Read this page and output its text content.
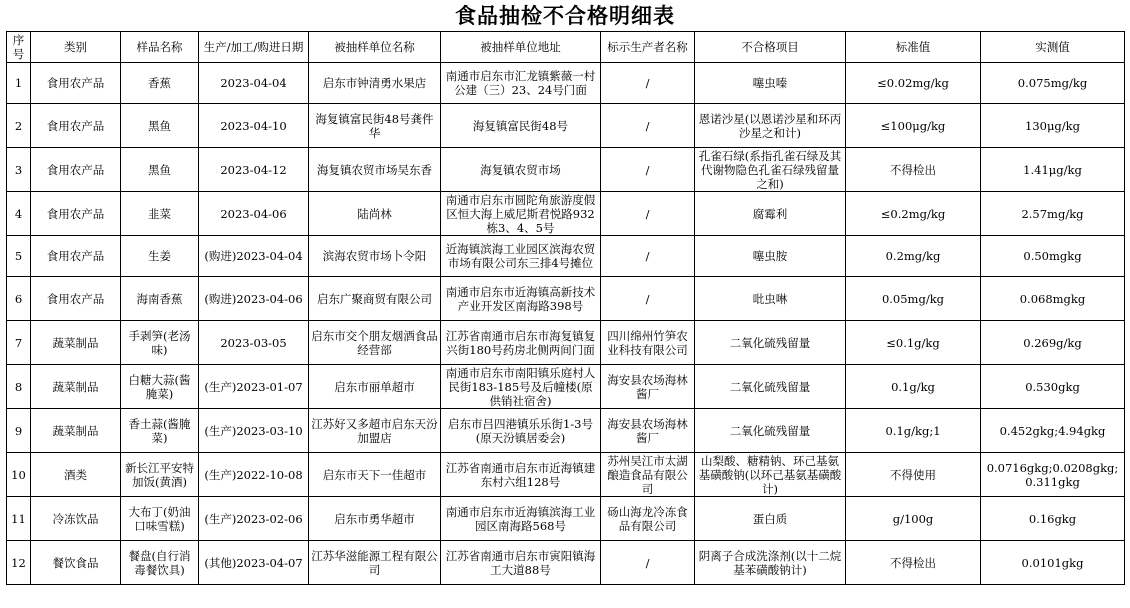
食品抽检不合格明细表
序号	类别	样品名称	生产/加工/购进日期	被抽样单位名称	被抽样单位地址	标示生产者名称	不合格项目	标准值	实测值
1	食用农产品	香蕉	2023-04-04	启东市钟清勇水果店	南通市启东市汇龙镇紫薇一村公建（三）23、24号门面	/	噻虫嗪	≤0.02mg/kg	0.075mg/kg
2	食用农产品	黑鱼	2023-04-10	海复镇富民街48号龚件华	海复镇富民街48号	/	恩诺沙星(以恩诺沙星和环丙沙星之和计)	≤100μg/kg	130μg/kg
3	食用农产品	黑鱼	2023-04-12	海复镇农贸市场吴东香	海复镇农贸市场	/	孔雀石绿(系指孔雀石绿及其代谢物隐色孔雀石绿残留量之和)	不得检出	1.41μg/kg
4	食用农产品	韭菜	2023-04-06	陆尚林	南通市启东市圆陀角旅游度假区恒大海上威尼斯君悦路932栋3、4、5号	/	腐霉利	≤0.2mg/kg	2.57mg/kg
5	食用农产品	生姜	(购进)2023-04-04	滨海农贸市场卜令阳	近海镇滨海工业园区滨海农贸市场有限公司东三排4号摊位	/	噻虫胺	0.2mg/kg	0.50mgkg
6	食用农产品	海南香蕉	(购进)2023-04-06	启东广聚商贸有限公司	南通市启东市近海镇高新技术产业开发区南海路398号	/	吡虫啉	0.05mg/kg	0.068mgkg
7	蔬菜制品	手剥笋(老汤味)	2023-03-05	启东市交个朋友烟酒食品经营部	江苏省南通市启东市海复镇复兴街180号药房北侧两间门面	四川绵州竹笋农业科技有限公司	二氧化硫残留量	≤0.1g/kg	0.269g/kg
8	蔬菜制品	白糖大蒜(酱腌菜)	(生产)2023-01-07	启东市丽单超市	南通市启东市南阳镇乐庭村人民街183-185号及后幢楼(原供销社宿舍)	海安县农场海林酱厂	二氧化硫残留量	0.1g/kg	0.530gkg
9	蔬菜制品	香土蒜(酱腌菜)	(生产)2023-03-10	江苏好又多超市启东天汾加盟店	启东市吕四港镇乐乐街1-3号(原天汾镇居委会)	海安县农场海林酱厂	二氧化硫残留量	0.1g/kg;1	0.452gkg;4.94gkg
10	酒类	新长江平安特加饭(黄酒)	(生产)2022-10-08	启东市天下一佳超市	江苏省南通市启东市近海镇建东村六组128号	苏州吴江市太湖酿造食品有限公司	山梨酸、糖精钠、环己基氨基磺酸钠(以环己基氨基磺酸计)	不得使用	0.0716gkg;0.0208gkg;0.311gkg
11	冷冻饮品	大布丁(奶油口味雪糕)	(生产)2023-02-06	启东市勇华超市	南通市启东市近海镇滨海工业园区南海路568号	砀山海龙冷冻食品有限公司	蛋白质	g/100g	0.16gkg
12	餐饮食品	餐盘(自行消毒餐饮具)	(其他)2023-04-07	江苏华滋能源工程有限公司	江苏省南通市启东市寅阳镇海工大道88号	/	阴离子合成洗涤剂(以十二烷基苯磺酸钠计)	不得检出	0.0101gkg
